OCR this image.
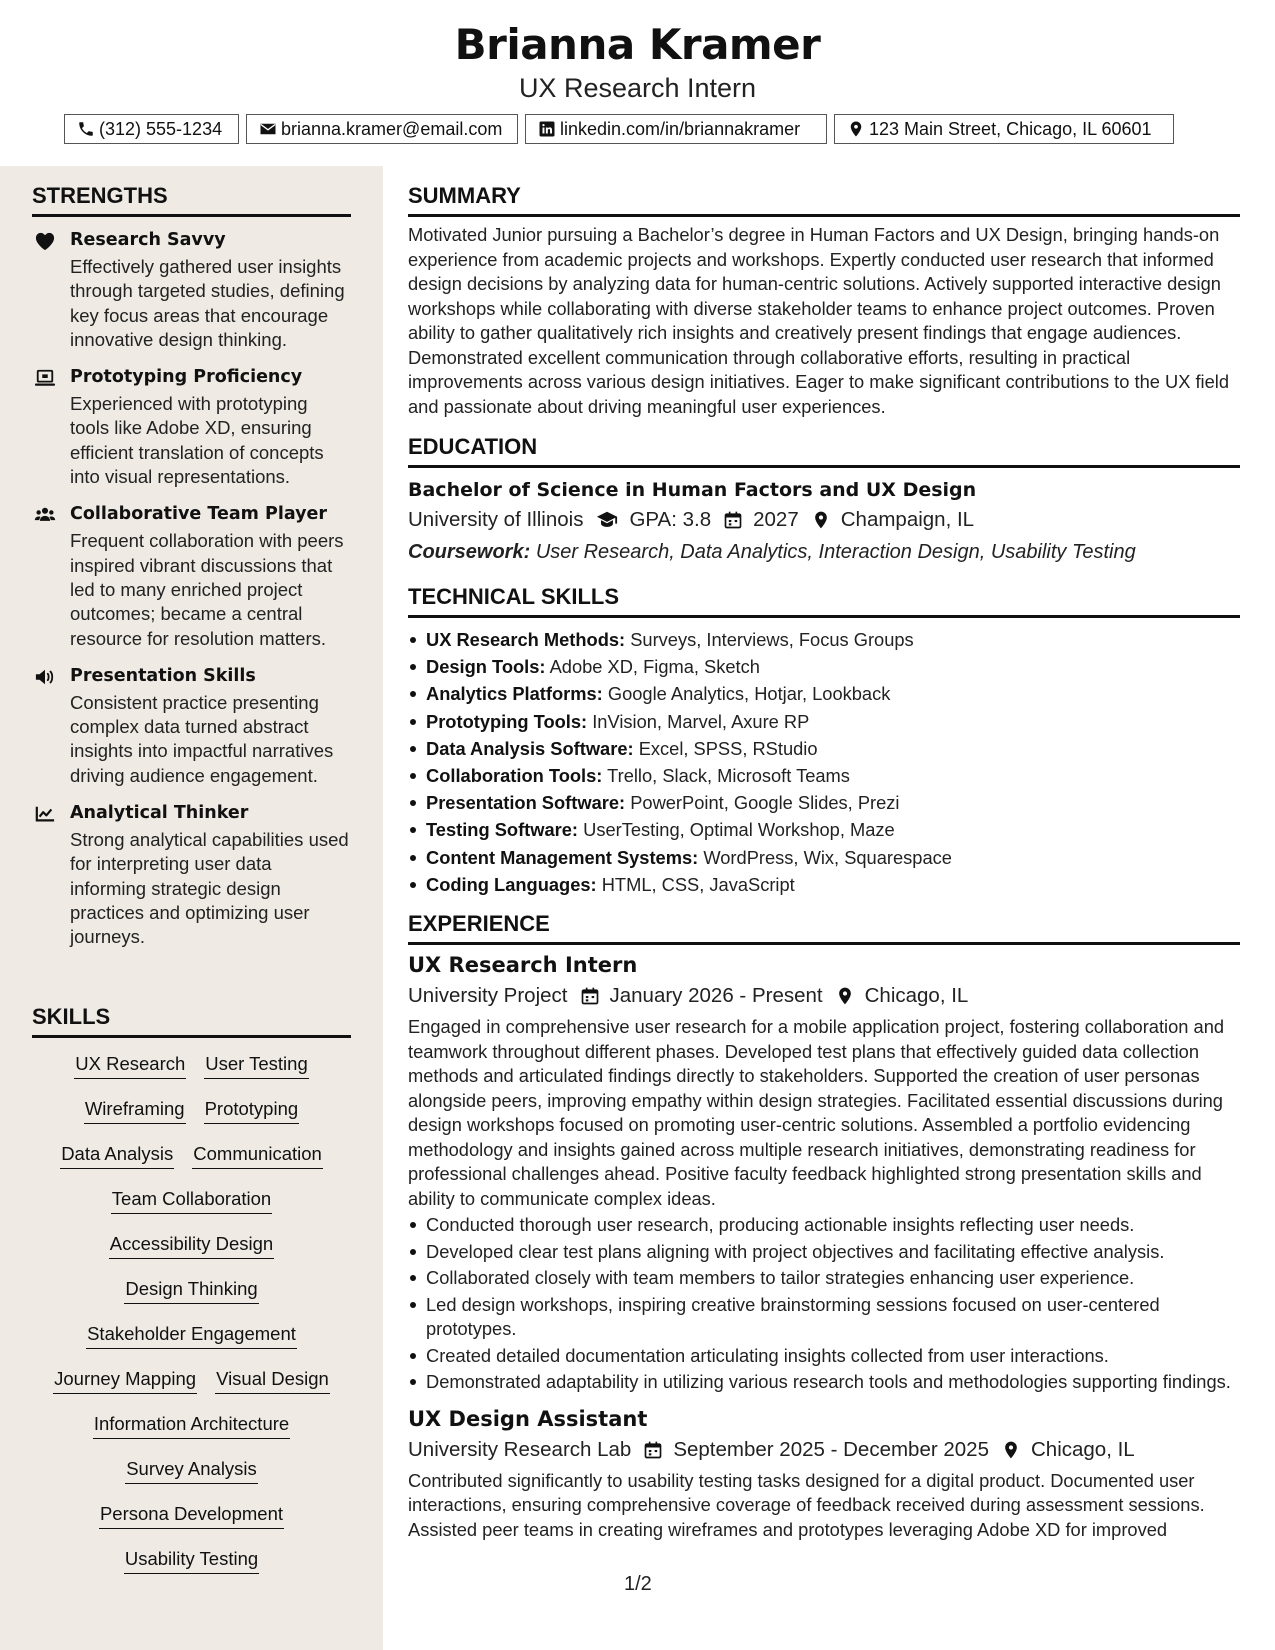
Brianna Kramer
UX Research Intern
(312) 555-1234	brianna.kramer@email.com	linkedin.com/in/briannakramer	123 Main Street, Chicago, IL 60601
STRENGTHS
Research Savvy
Effectively gathered user insights through targeted studies, defining key focus areas that encourage innovative design thinking.
Prototyping Proficiency
Experienced with prototyping tools like Adobe XD, ensuring efficient translation of concepts into visual representations.
Collaborative Team Player
Frequent collaboration with peers inspired vibrant discussions that led to many enriched project outcomes; became a central resource for resolution matters.
Presentation Skills
Consistent practice presenting complex data turned abstract insights into impactful narratives driving audience engagement.
Analytical Thinker
Strong analytical capabilities used for interpreting user data informing strategic design practices and optimizing user journeys.
SKILLS
UX Research User Testing
Wireframing Prototyping
Data Analysis Communication
Team Collaboration
Accessibility Design
Design Thinking
Stakeholder Engagement
Journey Mapping Visual Design
Information Architecture
Survey Analysis
Persona Development
Usability Testing
SUMMARY
Motivated Junior pursuing a Bachelor’s degree in Human Factors and UX Design, bringing hands-on experience from academic projects and workshops. Expertly conducted user research that informed design decisions by analyzing data for human-centric solutions. Actively supported interactive design workshops while collaborating with diverse stakeholder teams to enhance project outcomes. Proven ability to gather qualitatively rich insights and creatively present findings that engage audiences. Demonstrated excellent communication through collaborative efforts, resulting in practical improvements across various design initiatives. Eager to make significant contributions to the UX field and passionate about driving meaningful user experiences.
EDUCATION
Bachelor of Science in Human Factors and UX Design
University of Illinois GPA: 3.8 2027 Champaign, IL
Coursework: User Research, Data Analytics, Interaction Design, Usability Testing
TECHNICAL SKILLS
UX Research Methods: Surveys, Interviews, Focus Groups
Design Tools: Adobe XD, Figma, Sketch
Analytics Platforms: Google Analytics, Hotjar, Lookback
Prototyping Tools: InVision, Marvel, Axure RP
Data Analysis Software: Excel, SPSS, RStudio
Collaboration Tools: Trello, Slack, Microsoft Teams
Presentation Software: PowerPoint, Google Slides, Prezi
Testing Software: UserTesting, Optimal Workshop, Maze
Content Management Systems: WordPress, Wix, Squarespace
Coding Languages: HTML, CSS, JavaScript
EXPERIENCE
UX Research Intern
University Project January 2026 - Present Chicago, IL
Engaged in comprehensive user research for a mobile application project, fostering collaboration and teamwork throughout different phases. Developed test plans that effectively guided data collection methods and articulated findings directly to stakeholders. Supported the creation of user personas alongside peers, improving empathy within design strategies. Facilitated essential discussions during design workshops focused on promoting user-centric solutions. Assembled a portfolio evidencing methodology and insights gained across multiple research initiatives, demonstrating readiness for professional challenges ahead. Positive faculty feedback highlighted strong presentation skills and ability to communicate complex ideas.
Conducted thorough user research, producing actionable insights reflecting user needs.
Developed clear test plans aligning with project objectives and facilitating effective analysis.
Collaborated closely with team members to tailor strategies enhancing user experience.
Led design workshops, inspiring creative brainstorming sessions focused on user-centered prototypes.
Created detailed documentation articulating insights collected from user interactions.
Demonstrated adaptability in utilizing various research tools and methodologies supporting findings.
UX Design Assistant
University Research Lab September 2025 - December 2025 Chicago, IL
Contributed significantly to usability testing tasks designed for a digital product. Documented user interactions, ensuring comprehensive coverage of feedback received during assessment sessions. Assisted peer teams in creating wireframes and prototypes leveraging Adobe XD for improved
1/2
